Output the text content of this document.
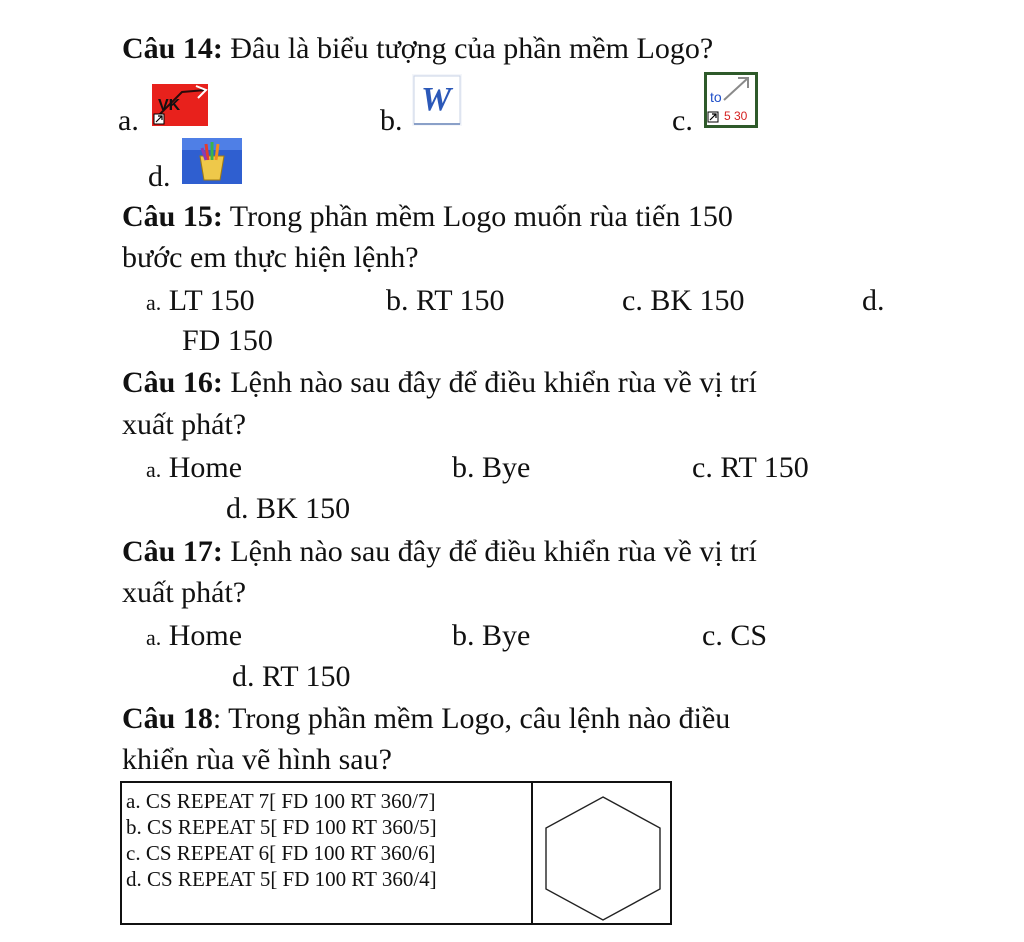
Câu 14: Đâu là biểu tượng của phần mềm Logo?
a. VK	b.
W
c.
to
5 30
d.
Câu 15: Trong phần mềm Logo muốn rùa tiến 150
bước em thực hiện lệnh?
a. LT 150	b. RT 150	c. BK 150	d.
FD 150
Câu 16: Lệnh nào sau đây để điều khiển rùa về vị trí
xuất phát?
a. Home	b. Bye	c. RT 150
d. BK 150
Câu 17: Lệnh nào sau đây để điều khiển rùa về vị trí
xuất phát?
a. Home	b. Bye	c. CS
d. RT 150
Câu 18: Trong phần mềm Logo, câu lệnh nào điều
khiển rùa vẽ hình sau?
a. CS REPEAT 7[ FD 100 RT 360/7]
b. CS REPEAT 5[ FD 100 RT 360/5]
c. CS REPEAT 6[ FD 100 RT 360/6]
d. CS REPEAT 5[ FD 100 RT 360/4]
